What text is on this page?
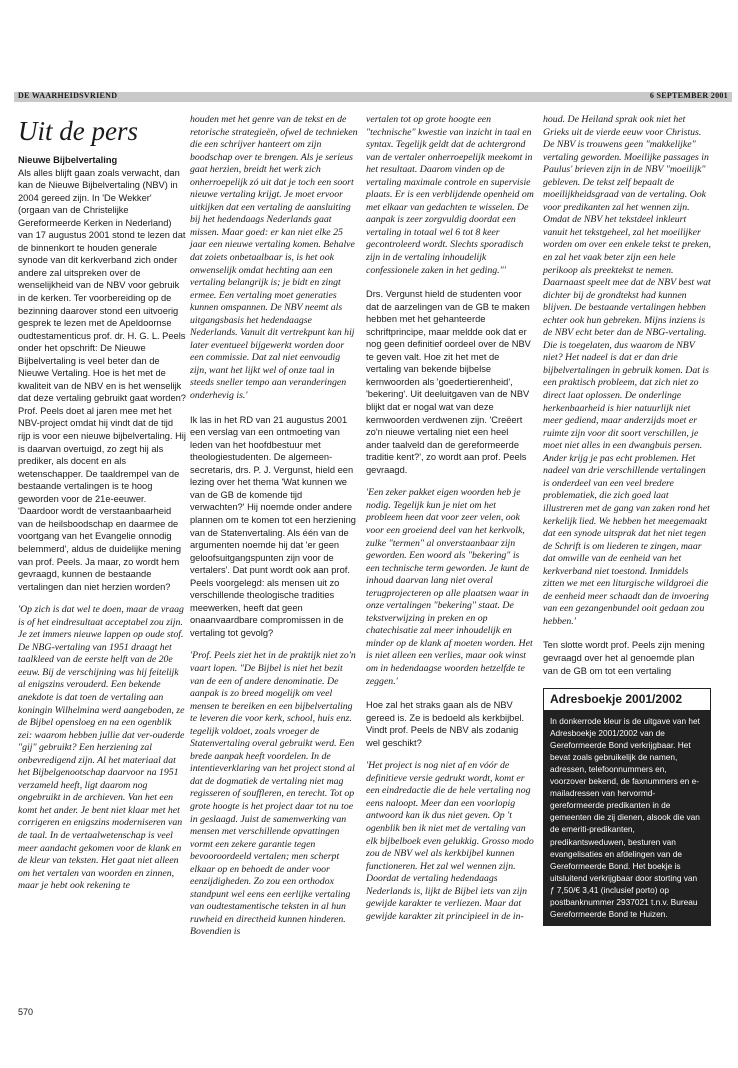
DE WAARHEIDSVRIEND	6 SEPTEMBER 2001
Nieuwe Bijbelvertaling

Als alles blijft gaan zoals verwacht, dan kan de Nieuwe Bijbelvertaling (NBV) in 2004 gereed zijn. In 'De Wekker' (orgaan van de Christelijke Gereformeerde Kerken in Nederland) van 17 augustus 2001 stond te lezen dat de binnenkort te houden generale synode van dit kerkverband zich onder andere zal uitspreken over de wenselijkheid van de NBV voor gebruik in de kerken. Ter voorbereiding op de bezinning daarover stond een uitvoerig gesprek te lezen met de Apeldoornse oudtestamenticus prof. dr. H. G. L. Peels onder het opschrift: De Nieuwe Bijbelvertaling is veel beter dan de Nieuwe Vertaling. Hoe is het met de kwaliteit van de NBV en is het wenselijk dat deze vertaling gebruikt gaat worden? Prof. Peels doet al jaren mee met het NBV-project omdat hij vindt dat de tijd rijp is voor een nieuwe bijbelvertaling. Hij is daarvan overtuigd, zo zegt hij als prediker, als docent en als wetenschapper. De taaldrempel van de bestaande vertalingen is te hoog geworden voor de 21e-eeuwer. 'Daardoor wordt de verstaanbaarheid van de heilsboodschap en daarmee de voortgang van het Evangelie onnodig belemmerd', aldus de duidelijke mening van prof. Peels. Ja maar, zo wordt hem gevraagd, kunnen de bestaande vertalingen dan niet herzien worden?

'Op zich is dat wel te doen, maar de vraag is of het eindresultaat acceptabel zou zijn. Je zet immers nieuwe lappen op oude stof. De NBG-vertaling van 1951 draagt het taalkleed van de eerste helft van de 20e eeuw. Bij de verschijning was hij feitelijk al enigszins verouderd. Een bekende anekdote is dat toen de vertaling aan koningin Wilhelmina werd aangeboden, ze de Bijbel opensloeg en na een ogenblik zei: waarom hebben jullie dat ver-ouderde "gij" gebruikt? Een herziening zal onbevredigend zijn. Al het materiaal dat het Bijbelgenootschap daarvoor na 1951 verzameld heeft, ligt daarom nog ongebruikt in de archieven. Van het een komt het ander. Je bent niet klaar met het corrigeren en enigszins moderniseren van de taal. In de vertaalwetenschap is veel meer aandacht gekomen voor de klank en de kleur van teksten. Het gaat niet alleen om het vertalen van woorden en zinnen, maar je hebt ook rekening te

Uit de pers	houden met het genre van de tekst en de retorische strategieën, ofwel de technieken die een schrijver hanteert om zijn boodschap over te brengen. Als je serieus gaat herzien, breidt het werk zich onherroepelijk zó uit dat je toch een soort nieuwe vertaling krijgt. Je moet ervoor uitkijken dat een vertaling de aansluiting bij het hedendaags Nederlands gaat missen. Maar goed: er kan niet elke 25 jaar een nieuwe vertaling komen. Behalve dat zoiets onbetaalbaar is, is het ook onwenselijk omdat hechting aan een vertaling belangrijk is; je bidt en zingt ermee. Een vertaling moet generaties kunnen omspannen. De NBV neemt als uitgangsbasis het hedendaagse Nederlands. Vanuit dit vertrekpunt kan hij later eventueel bijgewerkt worden door een commissie. Dat zal niet eenvoudig zijn, want het lijkt wel of onze taal in steeds sneller tempo aan veranderingen onderhevig is.'

Ik las in het RD van 21 augustus 2001 een verslag van een ontmoeting van leden van het hoofdbestuur met theologiestudenten. De algemeen-secretaris, drs. P. J. Vergunst, hield een lezing over het thema 'Wat kunnen we van de GB de komende tijd verwachten?' Hij noemde onder andere plannen om te komen tot een herziening van de Statenvertaling. Als één van de argumenten noemde hij dat 'er geen geloofsuitgangspunten zijn voor de vertalers'. Dat punt wordt ook aan prof. Peels voorgelegd: als mensen uit zo verschillende theologische tradities meewerken, heeft dat geen onaanvaardbare compromissen in de vertaling tot gevolg?

'Prof. Peels ziet het in de praktijk niet zo'n vaart lopen. "De Bijbel is niet het bezit van de een of andere denominatie. De aanpak is zo breed mogelijk om veel mensen te bereiken en een bijbelvertaling te leveren die voor kerk, school, huis enz. tegelijk voldoet, zoals vroeger de Statenvertaling overal gebruikt werd. Een brede aanpak heeft voordelen. In de intentieverklaring van het project stond al dat de dogmatiek de vertaling niet mag regisseren of souffleren, en terecht. Tot op grote hoogte is het project daar tot nu toe in geslaagd. Juist de samenwerking van mensen met verschillende opvattingen vormt een zekere garantie tegen bevooroordeeld vertalen; men scherpt elkaar op en behoedt de ander voor eenzijdigheden. Zo zou een orthodox standpunt wel eens een eerlijke vertaling van oudtestamentische teksten in al hun ruwheid en directheid kunnen hinderen. Bovendien is

vertalen tot op grote hoogte een "technische" kwestie van inzicht in taal en syntax. Tegelijk geldt dat de achtergrond van de vertaler onherroepelijk meekomt in het resultaat. Daarom vinden op de vertaling maximale controle en supervisie plaats. Er is een verblijdende openheid om met elkaar van gedachten te wisselen. De aanpak is zeer zorgvuldig doordat een vertaling in totaal wel 6 tot 8 keer gecontroleerd wordt. Slechts sporadisch zijn in de vertaling inhoudelijk confessionele zaken in het geding."'

Drs. Vergunst hield de studenten voor dat de aarzelingen van de GB te maken hebben met het gehanteerde schriftprincipe, maar meldde ook dat er nog geen definitief oordeel over de NBV te geven valt. Hoe zit het met de vertaling van bekende bijbelse kernwoorden als 'goedertierenheid', 'bekering'. Uit deeluitgaven van de NBV blijkt dat er nogal wat van deze kernwoorden verdwenen zijn. 'Creëert zo'n nieuwe vertaling niet een heel ander taalveld dan de gereformeerde traditie kent?', zo wordt aan prof. Peels gevraagd.

'Een zeker pakket eigen woorden heb je nodig. Tegelijk kun je niet om het probleem heen dat voor zeer velen, ook voor een groeiend deel van het kerkvolk, zulke "termen" al onverstaanbaar zijn geworden. Een woord als "bekering" is een technische term geworden. Je kunt de inhoud daarvan lang niet overal terugprojecteren op alle plaatsen waar in onze vertalingen "bekering" staat. De tekstverwijzing in preken en op chatechisatie zal meer inhoudelijk en minder op de klank af moeten worden. Het is niet alleen een verlies, maar ook winst om in hedendaagse woorden hetzelfde te zeggen.'

Hoe zal het straks gaan als de NBV gereed is. Ze is bedoeld als kerkbijbel. Vindt prof. Peels de NBV als zodanig wel geschikt?

'Het project is nog niet af en vóór de definitieve versie gedrukt wordt, komt er een eindredactie die de hele vertaling nog eens naloopt. Meer dan een voorlopig antwoord kan ik dus niet geven. Op 't ogenblik ben ik niet met de vertaling van elk bijbelboek even gelukkig. Grosso modo zou de NBV wel als kerkbijbel kunnen functioneren. Het zal wel wennen zijn. Doordat de vertaling hedendaags Nederlands is, lijkt de Bijbel iets van zijn gewijde karakter te verliezen. Maar dat gewijde karakter zit principieel in de in-

houd. De Heiland sprak ook niet het Grieks uit de vierde eeuw voor Christus. De NBV is trouwens geen "makkelijke" vertaling geworden. Moeilijke passages in Paulus' brieven zijn in de NBV "moeilijk" gebleven. De tekst zelf bepaalt de moeilijkheidsgraad van de vertaling. Ook voor predikanten zal het wennen zijn. Omdat de NBV het tekstdeel inkleurt vanuit het tekstgeheel, zal het moeilijker worden om over een enkele tekst te preken, en zal het vaak beter zijn een hele perikoop als preektekst te nemen. Daarnaast speelt mee dat de NBV best wat dichter bij de grondtekst had kunnen blijven. De bestaande vertalingen hebben echter ook hun gebreken. Mijns inziens is de NBV echt beter dan de NBG-vertaling. Die is toegelaten, dus waarom de NBV niet? Het nadeel is dat er dan drie bijbelvertalingen in gebruik komen. Dat is een praktisch probleem, dat zich niet zo direct laat oplossen. De onderlinge herkenbaarheid is hier natuurlijk niet meer gediend, maar anderzijds moet er ruimte zijn voor dit soort verschillen, je moet niet alles in een dwangbuis persen. Ander krijg je pas echt problemen. Het nadeel van drie verschillende vertalingen is onderdeel van een veel bredere problematiek, die zich goed laat illustreren met de gang van zaken rond het kerkelijk lied. We hebben het meegemaakt dat een synode uitsprak dat het niet tegen de Schrift is om liederen te zingen, maar dat omwille van de eenheid van het kerkverband niet toestond. Inmiddels zitten we met een liturgische wildgroei die de eenheid meer schaadt dan de invoering van een gezangenbundel ooit gedaan zou hebben.'

Ten slotte wordt prof. Peels zijn mening gevraagd over het al genoemde plan van de GB om tot een vertaling

Adresboekje 2001/2002
In donkerrode kleur is de uitgave van het Adresboekje 2001/2002 van de Gereformeerde Bond verkrijgbaar. Het bevat zoals gebruikelijk de namen, adressen, telefoonnummers en, voorzover bekend, de faxnummers en e-mailadressen van hervormd-gereformeerde predikanten in de gemeenten die zij dienen, alsook die van de emeriti-predikanten, predikantsweduwen, besturen van evangelisaties en afdelingen van de Gereformeerde Bond. Het boekje is uitsluitend verkrijgbaar door storting van ƒ 7,50/€ 3,41 (inclusief porto) op postbanknummer 2937021 t.n.v. Bureau Gereformeerde Bond te Huizen.
570
